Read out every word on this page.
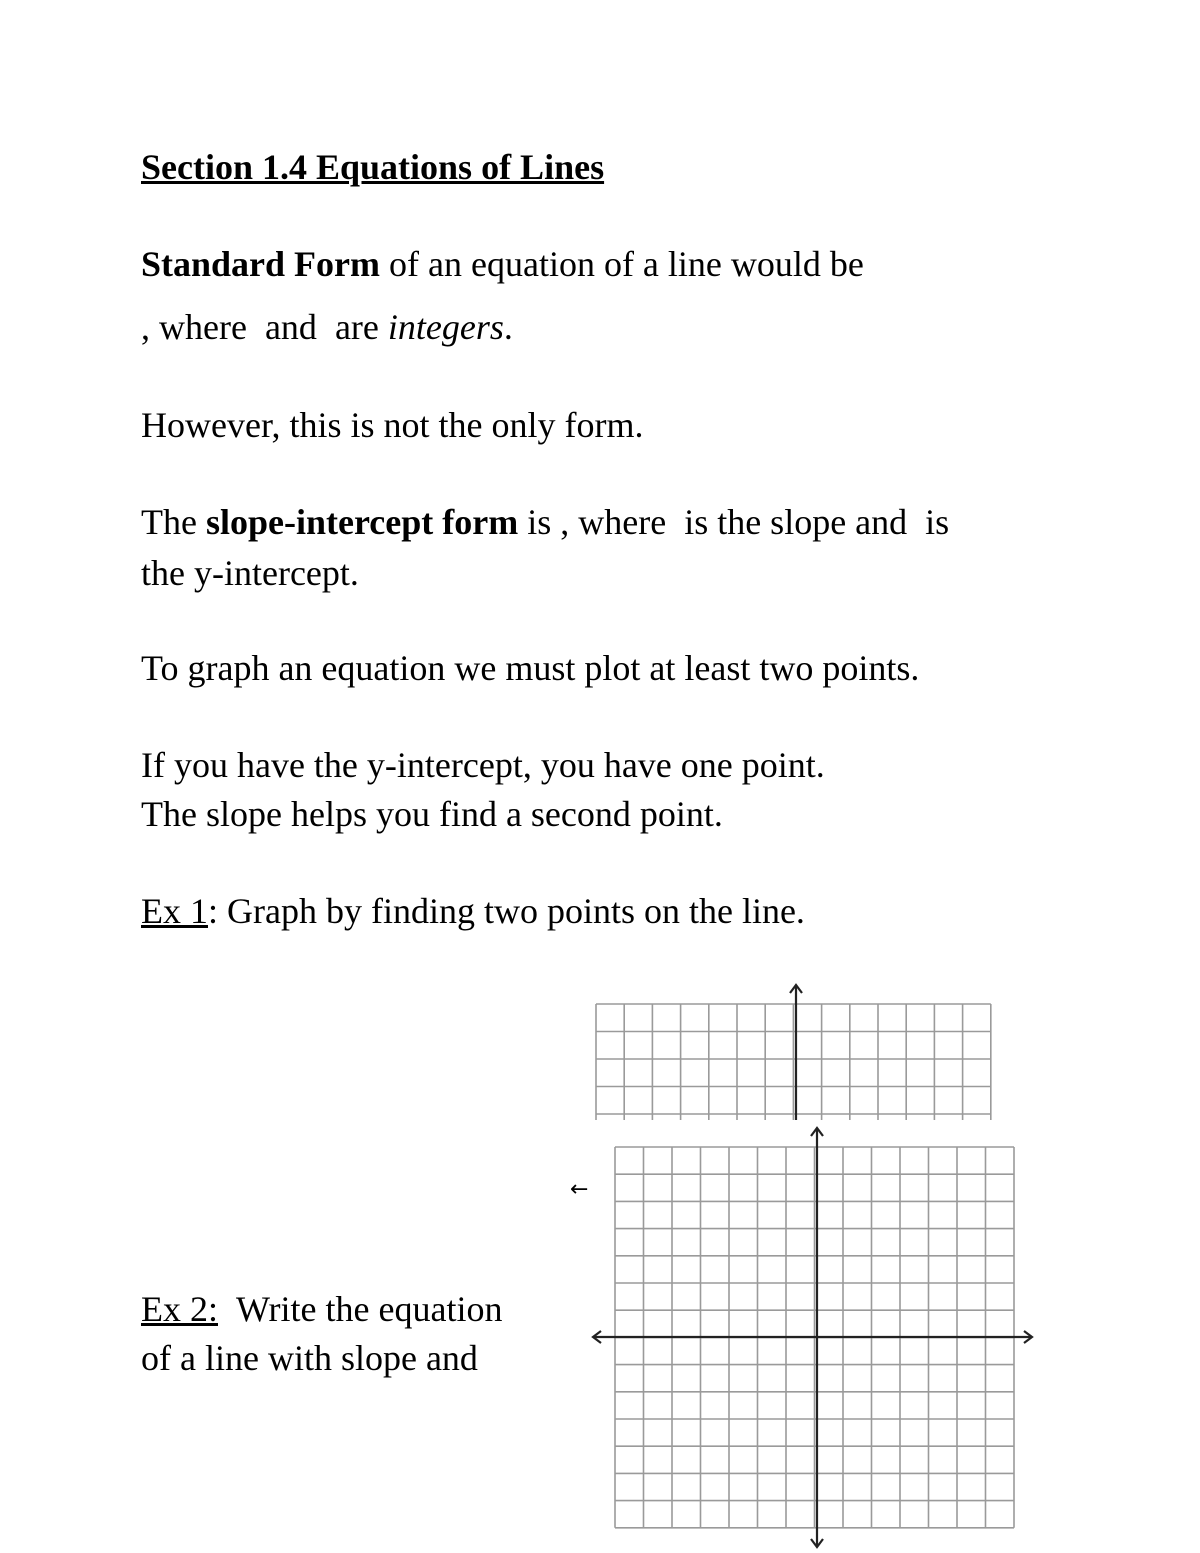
Section 1.4 Equations of Lines
Standard Form of an equation of a line would be
, where and are integers.
However, this is not the only form.
The slope-intercept form is , where is the slope and is
the y-intercept.
To graph an equation we must plot at least two points.
If you have the y-intercept, you have one point.
The slope helps you find a second point.
Ex 1: Graph by finding two points on the line.
Ex 2: Write the equation
of a line with slope and
←
